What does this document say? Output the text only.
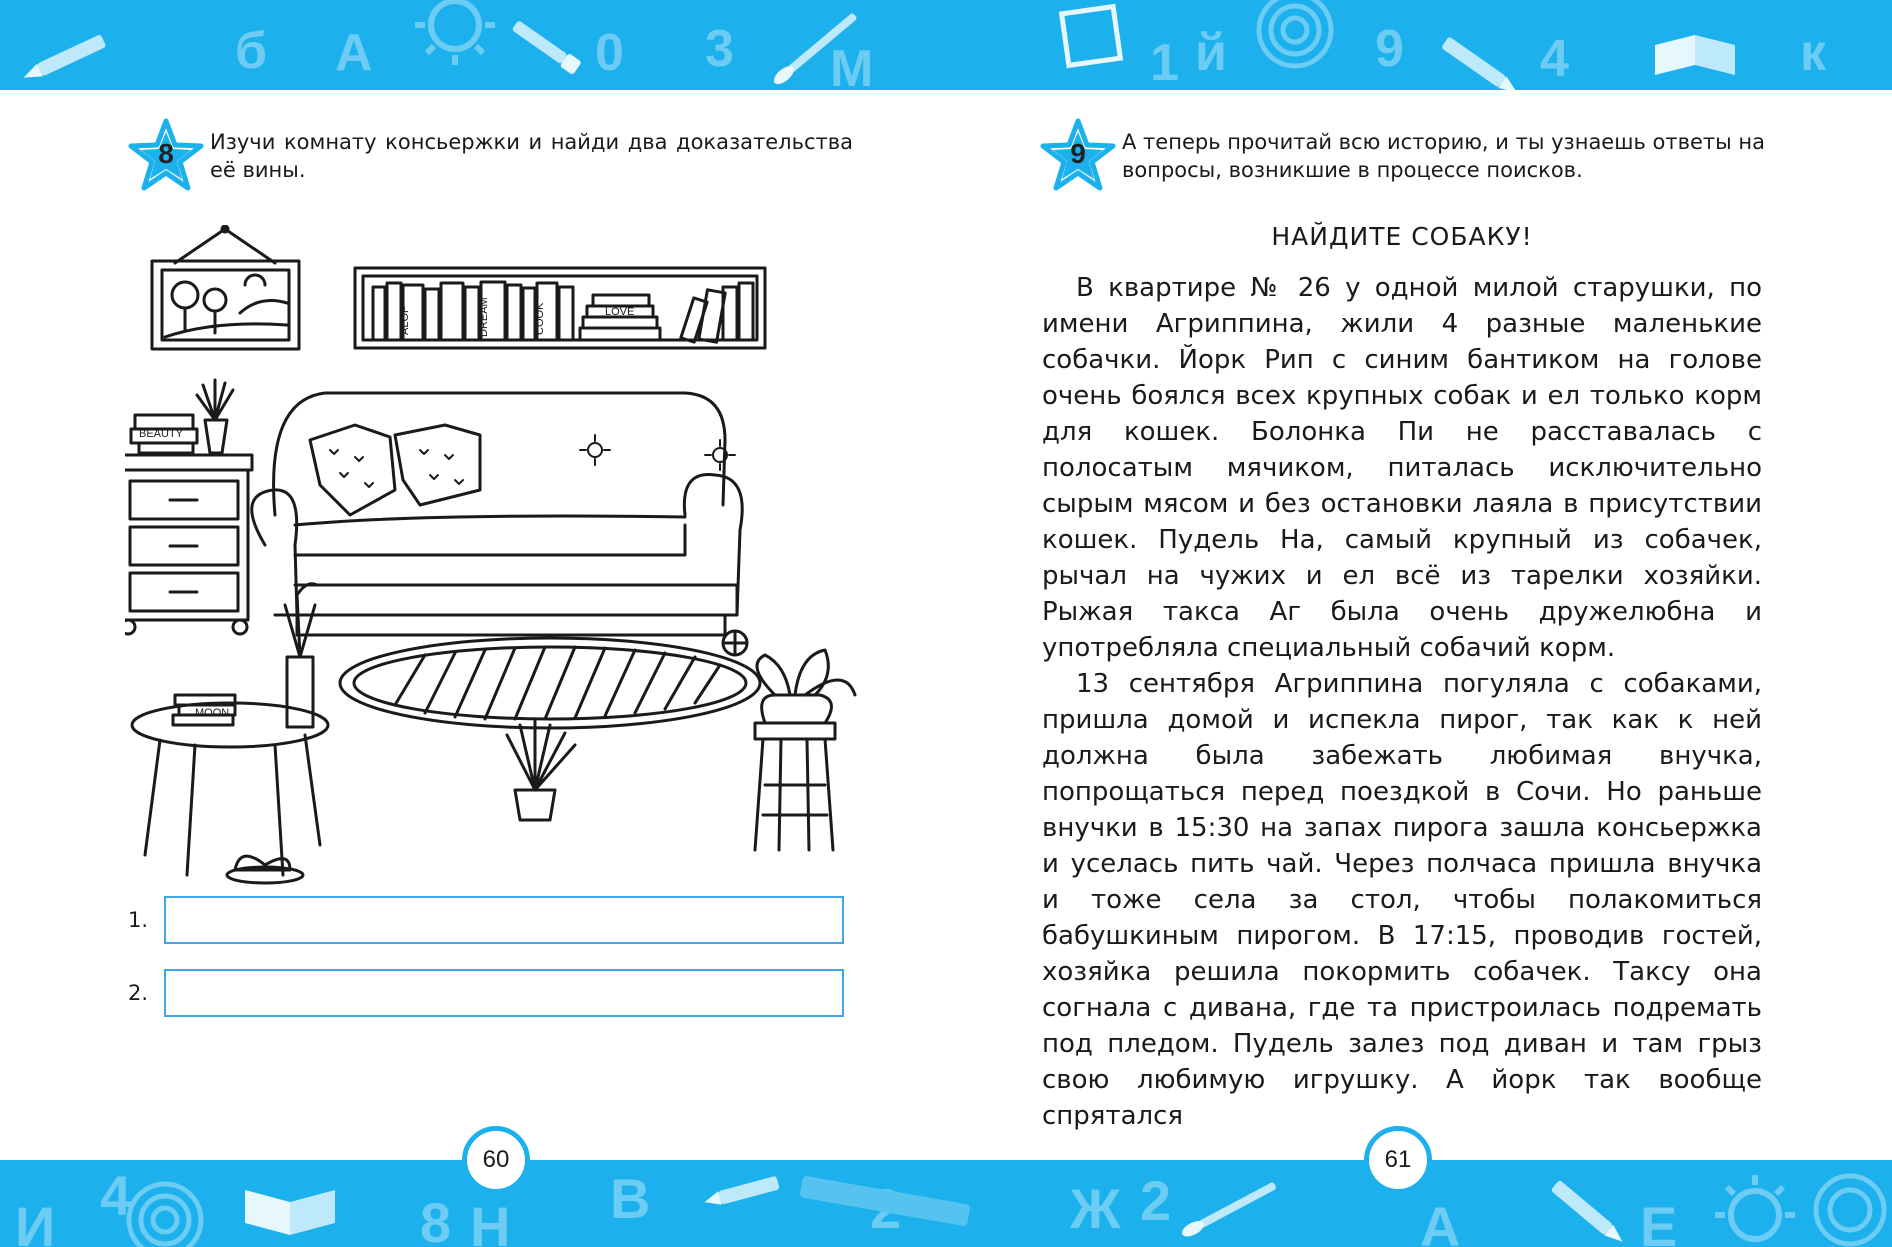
б А	0 3 М	1 й	9	4	к
8	Изучи комнату консьержки и найди два доказательства её вины.
ALOF	DREAM	COOK	LOVE
BEAUTY
MOON
1.
2.
9	А теперь прочитай всю историю, и ты узнаешь ответы на вопросы, возникшие в процессе поисков.
НАЙДИТЕ СОБАКУ!

В квартире № 26 у одной милой старушки, по имени Агриппина, жили 4 разные маленькие собачки. Йорк Рип с синим бантиком на голове очень боялся всех крупных собак и ел только корм для кошек. Болонка Пи не расставалась с полосатым мячиком, питалась исключительно сырым мясом и без остановки лаяла в присутствии кошек. Пудель На, самый крупный из собачек, рычал на чужих и ел всё из тарелки хозяйки. Рыжая такса Аг была очень дружелюбна и употребляла специальный собачий корм.

13 сентября Агриппина погуляла с собаками, пришла домой и испекла пирог, так как к ней должна была забежать любимая внучка, попрощаться перед поездкой в Сочи. Но раньше внучки в 15:30 на запах пирога зашла консьержка и уселась пить чай. Через полчаса пришла внучка и тоже села за стол, чтобы полакомиться бабушкиным пирогом. В 17:15, проводив гостей, хозяйка решила покормить собачек. Таксу она согнала с дивана, где та пристроилась подремать под пледом. Пудель залез под диван и там грыз свою любимую игрушку. А йорк так вообще спрятался

И 4	8 Н В	Ж 2	А	Е
60	61
